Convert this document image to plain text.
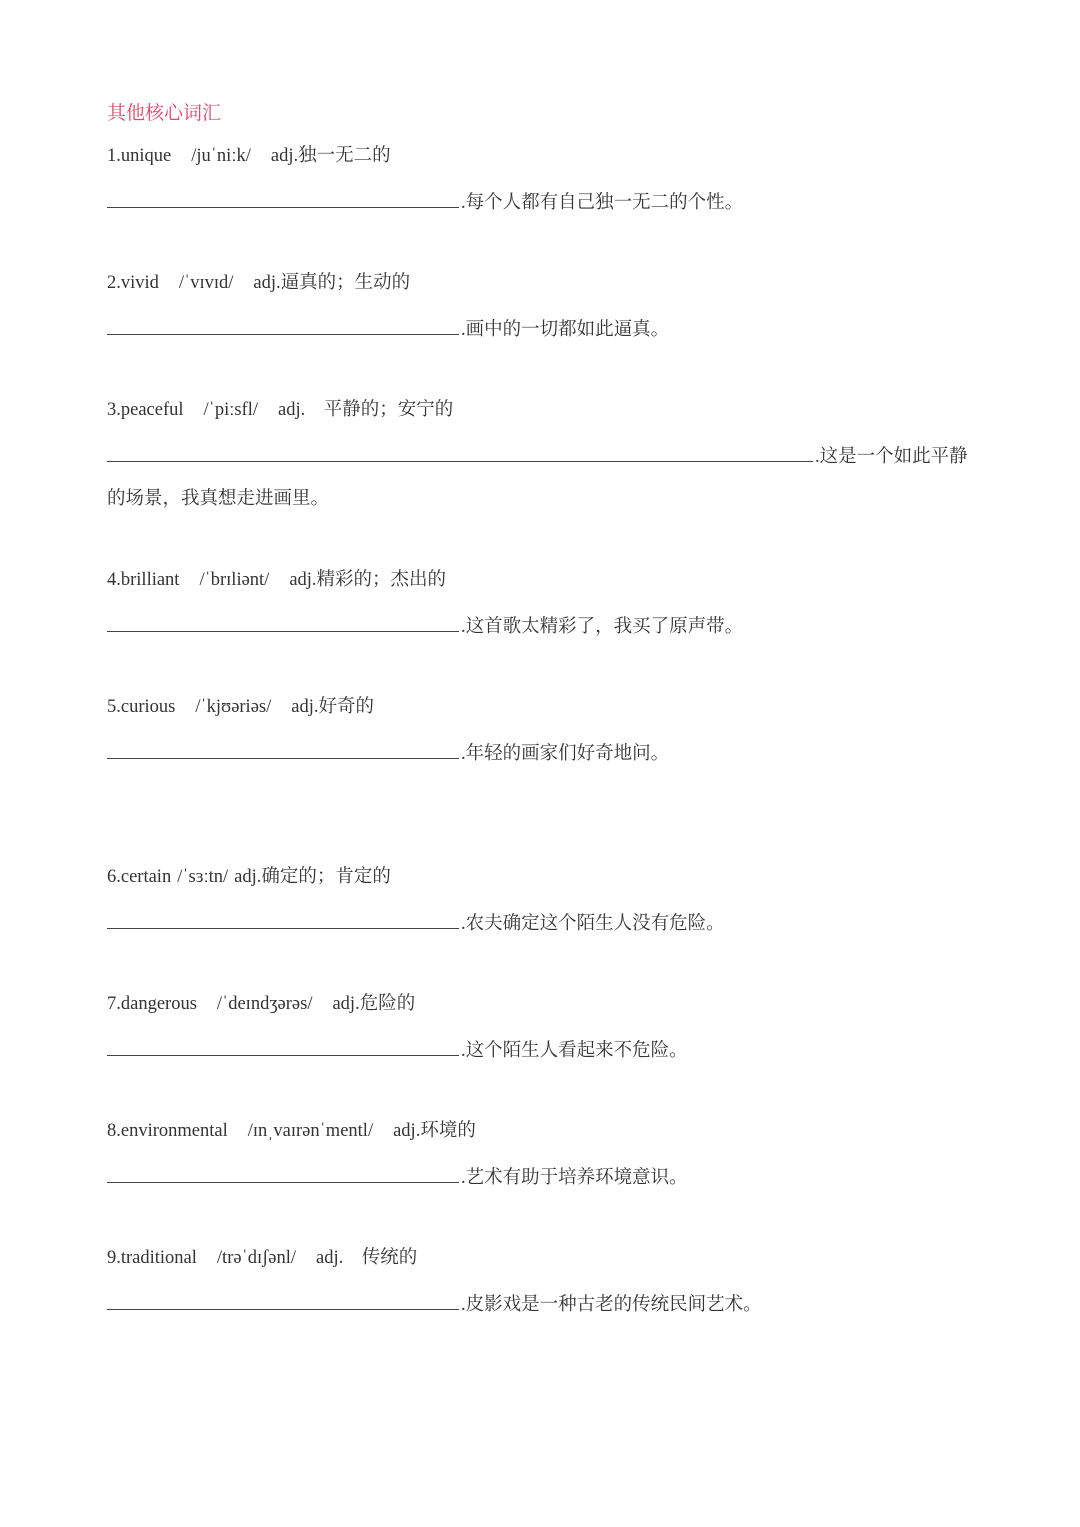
其他核心词汇
1.unique /juˈniːk/ adj.独一无二的
.每个人都有自己独一无二的个性。
2.vivid /ˈvɪvɪd/ adj.逼真的；生动的
.画中的一切都如此逼真。
3.peaceful /ˈpiːsfl/ adj.　平静的；安宁的
.这是一个如此平静
的场景，我真想走进画里。
4.brilliant /ˈbrɪliənt/ adj.精彩的；杰出的
.这首歌太精彩了，我买了原声带。
5.curious /ˈkjʊəriəs/ adj.好奇的
.年轻的画家们好奇地问。
6.certain /ˈsɜːtn/ adj.确定的；肯定的
.农夫确定这个陌生人没有危险。
7.dangerous /ˈdeɪndʒərəs/ adj.危险的
.这个陌生人看起来不危险。
8.environmental /ɪnˌvaɪrənˈmentl/ adj.环境的
.艺术有助于培养环境意识。
9.traditional /trəˈdɪʃənl/ adj.　传统的
.皮影戏是一种古老的传统民间艺术。
